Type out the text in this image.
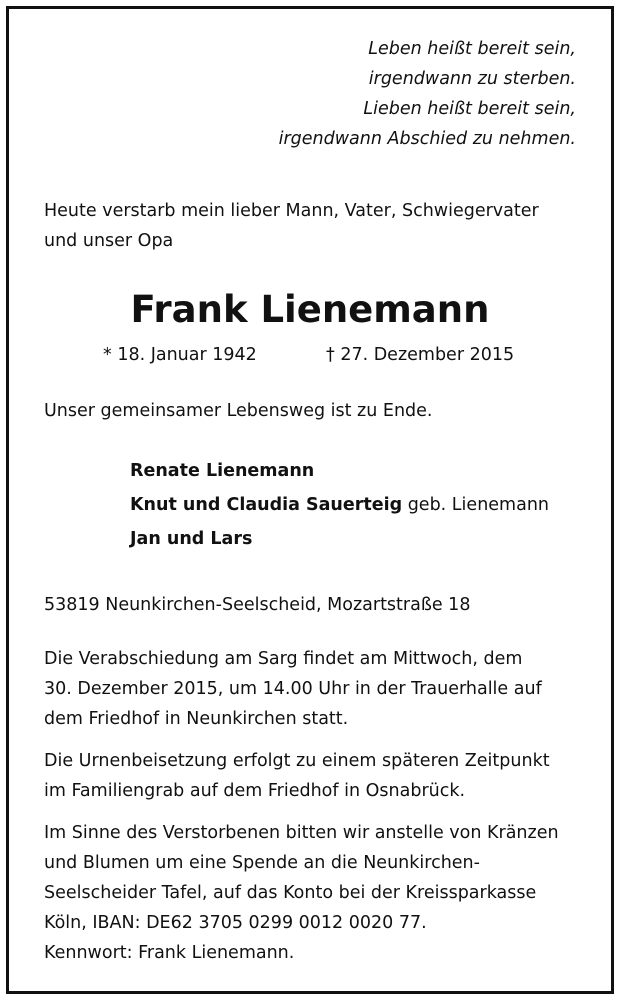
Leben heißt bereit sein,
irgendwann zu sterben.
Lieben heißt bereit sein,
irgendwann Abschied zu nehmen.
Heute verstarb mein lieber Mann, Vater, Schwiegervater
und unser Opa
Frank Lienemann
* 18. Januar 1942	† 27. Dezember 2015
Unser gemeinsamer Lebensweg ist zu Ende.
Renate Lienemann
Knut und Claudia Sauerteig geb. Lienemann
Jan und Lars
53819 Neunkirchen-Seelscheid, Mozartstraße 18
Die Verabschiedung am Sarg findet am Mittwoch, dem
30. Dezember 2015, um 14.00 Uhr in der Trauerhalle auf
dem Friedhof in Neunkirchen statt.
Die Urnenbeisetzung erfolgt zu einem späteren Zeitpunkt
im Familiengrab auf dem Friedhof in Osnabrück.
Im Sinne des Verstorbenen bitten wir anstelle von Kränzen
und Blumen um eine Spende an die Neunkirchen-
Seelscheider Tafel, auf das Konto bei der Kreissparkasse
Köln, IBAN: DE62 3705 0299 0012 0020 77.
Kennwort: Frank Lienemann.
